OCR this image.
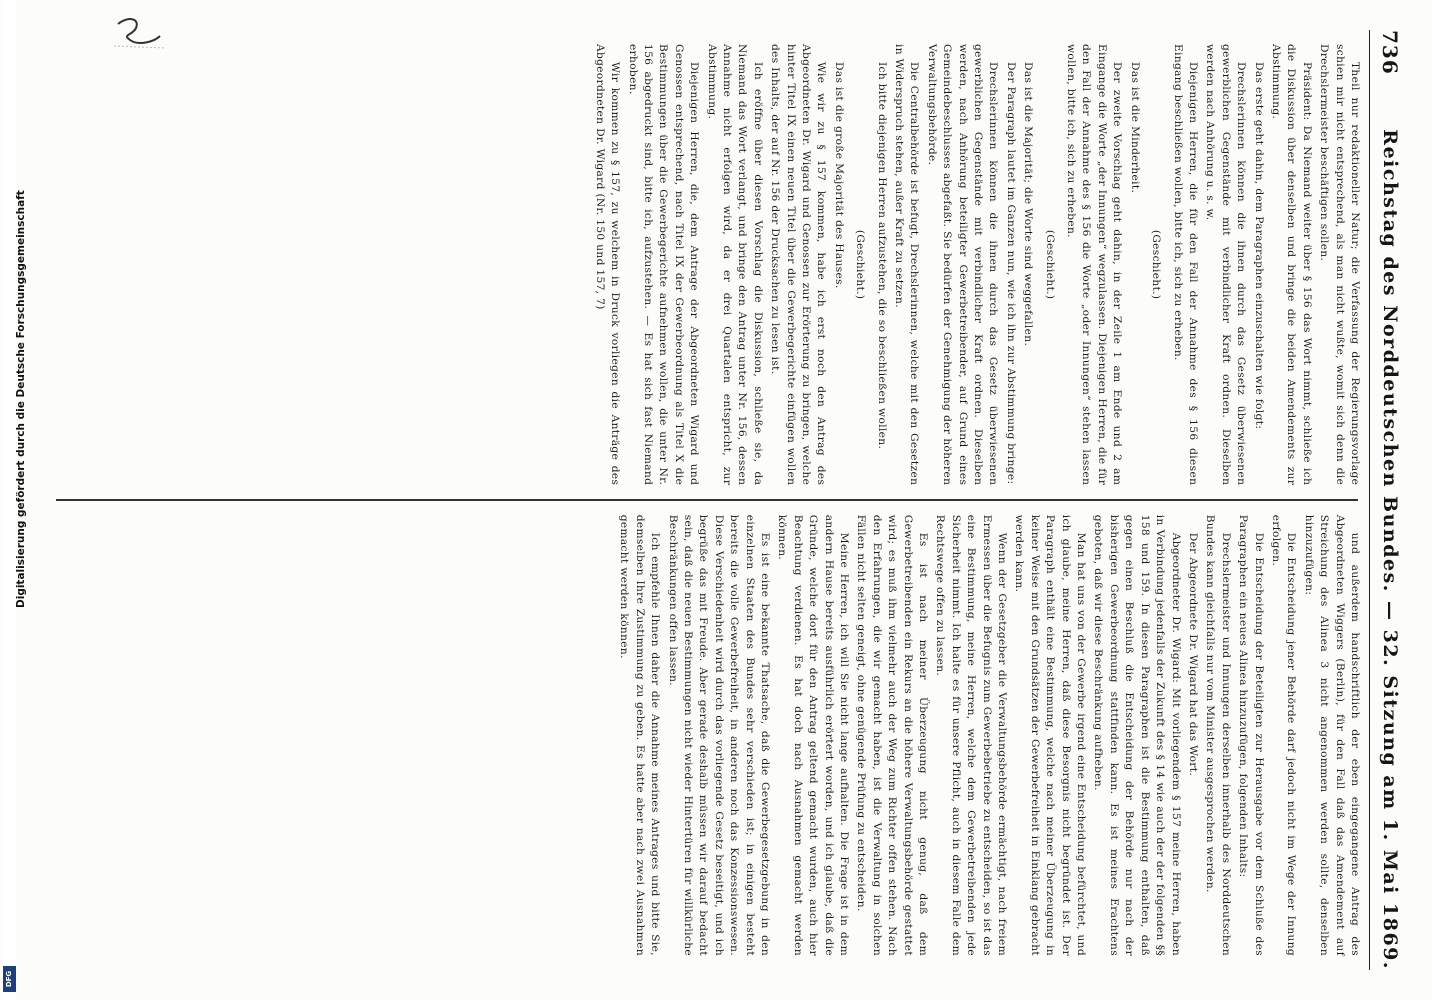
736
Reichstag des Norddeutschen Bundes. — 32. Sitzung am 1. Mai 1869.

Theil nur redaktioneller Natur; die Verfassung der Regierungsvorlage schien mir nicht entsprechend, als man nicht wußte, womit sich denn die Drechslermeister beschäftigen sollen.

Präsident: Da Niemand weiter über § 156 das Wort nimmt, schließe ich die Diskussion über denselben und bringe die beiden Amendements zur Abstimmung.

Das erste geht dahin, dem Paragraphen einzuschalten wie folgt:

Drechslerinnen können die ihnen durch das Gesetz überwiesenen gewerblichen Gegenstände mit verbindlicher Kraft ordnen. Dieselben werden nach Anhörung u. s. w.

Diejenigen Herren, die für den Fall der Annahme des § 156 diesen Eingang beschließen wollen, bitte ich, sich zu erheben.

(Geschieht.)

Das ist die Minderheit.

Der zweite Vorschlag geht dahin, in der Zeile 1 am Ende und 2 am Eingange die Worte „der Innungen“ wegzulassen. Diejenigen Herren, die für den Fall der Annahme des § 156 die Worte „oder Innungen“ stehen lassen wollen, bitte ich, sich zu erheben.

(Geschieht.)

Das ist die Majorität; die Worte sind weggefallen.

Der Paragraph lautet im Ganzen nun, wie ich ihn zur Abstimmung bringe:

Drechslerinnen können die ihnen durch das Gesetz überwiesenen gewerblichen Gegenstände mit verbindlicher Kraft ordnen. Dieselben werden, nach Anhörung beteiligter Gewerbetreibender, auf Grund eines Gemeindebeschlusses abgefaßt. Sie bedürfen der Genehmigung der höheren Verwaltungsbehörde.

Die Centralbehörde ist befugt, Drechslerinnen, welche mit den Gesetzen in Widerspruch stehen, außer Kraft zu setzen.

Ich bitte diejenigen Herren aufzustehen, die so beschließen wollen.

(Geschieht.)

Das ist die große Majorität des Hauses.

Wie wir zu § 157 kommen, habe ich erst noch den Antrag des Abgeordneten Dr. Wigard und Genossen zur Erörterung zu bringen, welche hinter Titel IX einen neuen Titel über die Gewerbegerichte einfügen wollen des Inhalts, der auf Nr. 156 der Drucksachen zu lesen ist.

Ich eröffne über diesen Vorschlag die Diskussion, schließe sie, da Niemand das Wort verlangt, und bringe den Antrag unter Nr. 156, dessen Annahme nicht erfolgen wird, da er drei Quartalen entspricht, zur Abstimmung.

Diejenigen Herren, die, dem Antrage der Abgeordneten Wigard und Genossen entsprechend, nach Titel IX der Gewerbeordnung als Titel X die Bestimmungen über die Gewerbegerichte aufnehmen wollen, die unter Nr. 156 abgedruckt sind, bitte ich, aufzustehen. — Es hat sich fast Niemand erhoben.

Wir kommen zu § 157, zu welchem in Druck vorliegen die Anträge des Abgeordneten Dr. Wigard (Nr. 150 und 157, 7)

und außerdem handschriftlich der eben eingegangene Antrag des Abgeordneten Wiggers (Berlin), für den Fall daß das Amendement auf Streichung des Alinea 3 nicht angenommen werden sollte, denselben hinzuzufügen:

Die Entscheidung jener Behörde darf jedoch nicht im Wege der Innung erfolgen.

Die Entscheidung der Beteiligten zur Herausgabe vor dem Schluße des Paragraphen ein neues Alinea hinzuzufügen, folgenden Inhalts:

Drechslermeister und Innungen derselben innerhalb des Norddeutschen Bundes kann gleichfalls nur vom Minister ausgesprochen werden.

Der Abgeordnete Dr. Wigard hat das Wort.

Abgeordneter Dr. Wigard: Mit vorliegendem § 157 meine Herren, haben in Verbindung jedenfalls der Zukunft des § 14 wie auch der der folgenden §§ 158 und 159. In diesen Paragraphen ist die Bestimmung enthalten, daß gegen einen Beschluß die Entscheidung der Behörde nur nach der bisherigen Gewerbeordnung stattfinden kann. Es ist meines Erachtens geboten, daß wir diese Beschränkung aufheben.

Man hat uns von der Gewerbe irgend eine Entscheidung befürchtet, und ich glaube, meine Herren, daß diese Besorgnis nicht begründet ist. Der Paragraph enthält eine Bestimmung, welche nach meiner Überzeugung in keiner Weise mit den Grundsätzen der Gewerbefreiheit in Einklang gebracht werden kann.

Wenn der Gesetzgeber die Verwaltungsbehörde ermächtigt, nach freiem Ermessen über die Befugnis zum Gewerbebetriebe zu entscheiden, so ist das eine Bestimmung, meine Herren, welche dem Gewerbetreibenden jede Sicherheit nimmt. Ich halte es für unsere Pflicht, auch in diesem Falle dem Rechtswege offen zu lassen.

Es ist nach meiner Überzeugung nicht genug, daß dem Gewerbetreibenden ein Rekurs an die höhere Verwaltungsbehörde gestattet wird; es muß ihm vielmehr auch der Weg zum Richter offen stehen. Nach den Erfahrungen, die wir gemacht haben, ist die Verwaltung in solchen Fällen nicht selten geneigt, ohne genügende Prüfung zu entscheiden.

Meine Herren, ich will Sie nicht lange aufhalten. Die Frage ist in dem andern Hause bereits ausführlich erörtert worden, und ich glaube, daß die Gründe, welche dort für den Antrag geltend gemacht wurden, auch hier Beachtung verdienen. Es hat doch nach Ausnahmen gemacht werden können.

Es ist eine bekannte Thatsache, daß die Gewerbegesetzgebung in den einzelnen Staaten des Bundes sehr verschieden ist; in einigen besteht bereits die volle Gewerbefreiheit, in anderen noch das Konzessionswesen. Diese Verschiedenheit wird durch das vorliegende Gesetz beseitigt, und ich begrüße das mit Freude. Aber gerade deshalb müssen wir darauf bedacht sein, daß die neuen Bestimmungen nicht wieder Hintertüren für willkürliche Beschränkungen offen lassen.

Ich empfehle Ihnen daher die Annahme meines Antrages und bitte Sie, demselben Ihre Zustimmung zu geben. Es hatte aber nach zwei Ausnahmen gemacht werden können.

Digitalisierung gefördert durch die Deutsche Forschungsgemeinschaft
DFG
